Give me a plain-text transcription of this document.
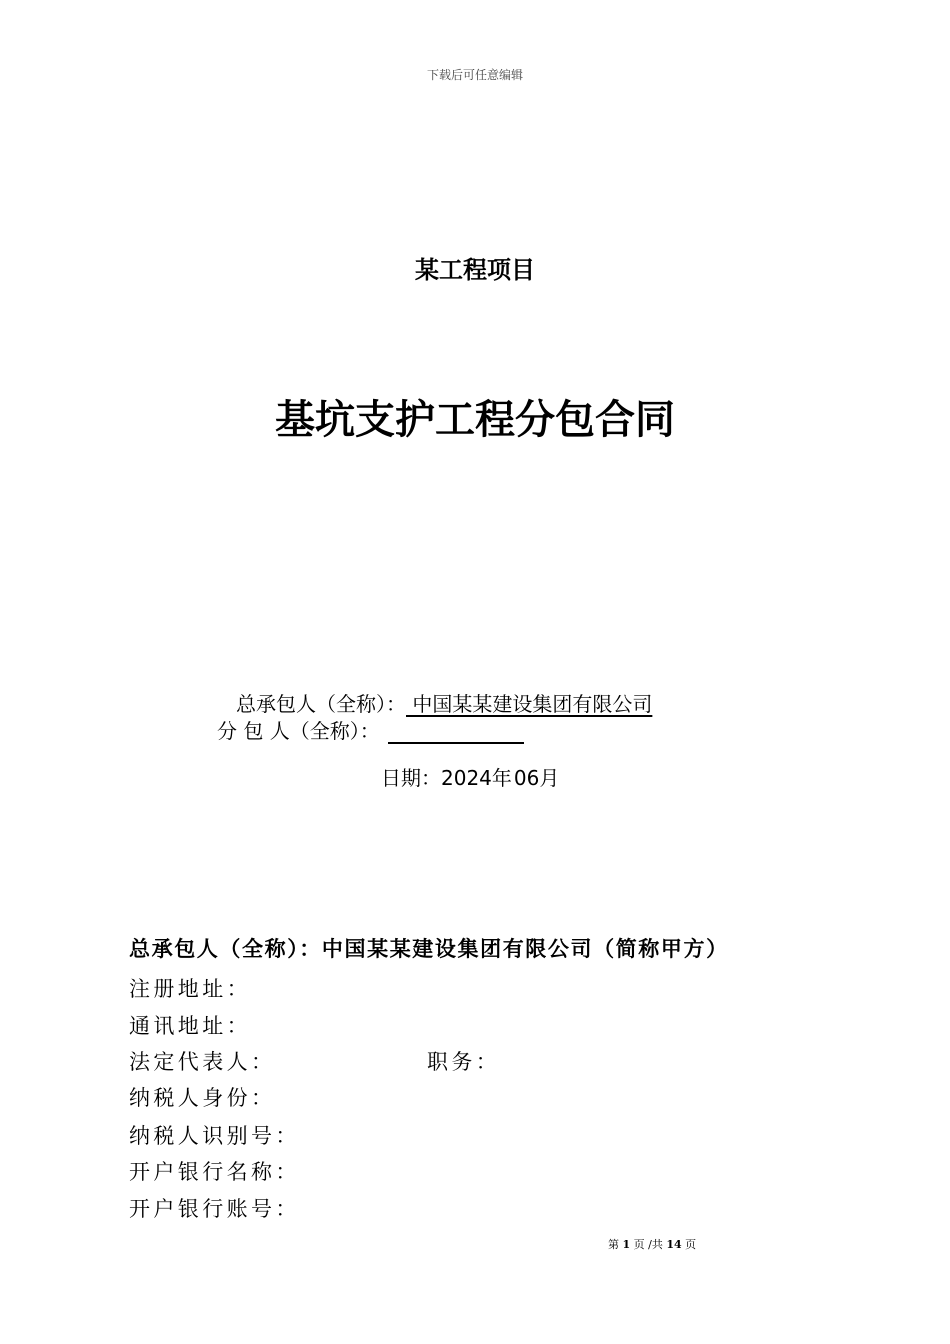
下载后可任意编辑
某工程项目
基坑支护工程分包合同
总承包人（全称）： 中国某某建设集团有限公司
分 包 人（全称）：
日期：2024年 06月
总承包人（全称）：中国某某建设集团有限公司（简称甲方）
注册地址：
通讯地址：
法定代表人：	职务：
纳税人身份：
纳税人识别号：
开户银行名称：
开户银行账号：
第 1 页 /共 14 页
